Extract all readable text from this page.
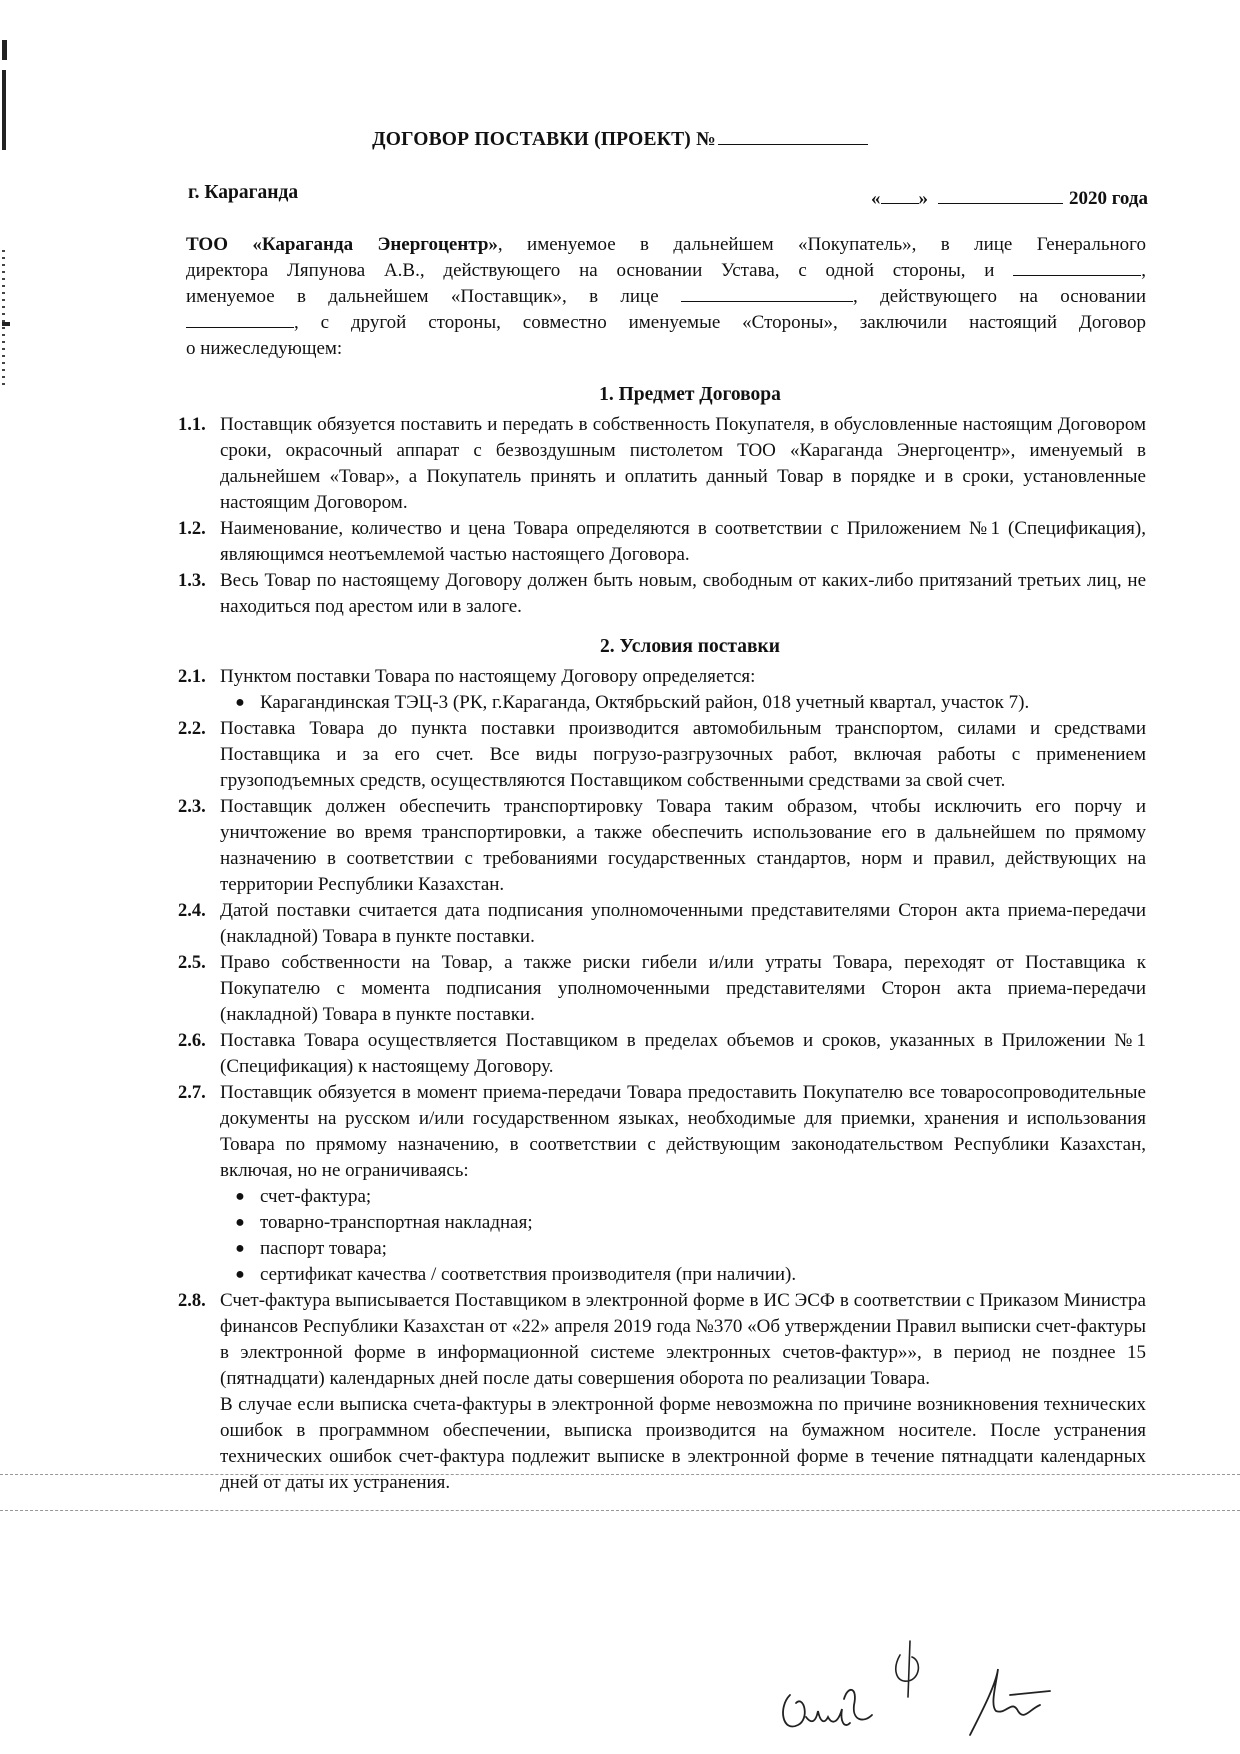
ДОГОВОР ПОСТАВКИ (ПРОЕКТ) №
г. Караганда	« »	2020 года
ТОО «Караганда Энергоцентр», именуемое в дальнейшем «Покупатель», в лице Генерального
директора Ляпунова А.В., действующего на основании Устава, с одной стороны, и	,
именуемое в дальнейшем «Поставщик», в лице	, действующего на основании
, с другой стороны, совместно именуемые «Стороны», заключили настоящий Договор
о нижеследующем:
1. Предмет Договора
1.1. Поставщик обязуется поставить и передать в собственность Покупателя, в обусловленные настоящим Договором сроки, окрасочный аппарат с безвоздушным пистолетом ТОО «Караганда Энергоцентр», именуемый в дальнейшем «Товар», а Покупатель принять и оплатить данный Товар в порядке и в сроки, установленные настоящим Договором.
1.2. Наименование, количество и цена Товара определяются в соответствии с Приложением №1 (Спецификация), являющимся неотъемлемой частью настоящего Договора.
1.3. Весь Товар по настоящему Договору должен быть новым, свободным от каких-либо притязаний третьих лиц, не находиться под арестом или в залоге.
2. Условия поставки
2.1. Пунктом поставки Товара по настоящему Договору определяется:
● Карагандинская ТЭЦ-3 (РК, г.Караганда, Октябрьский район, 018 учетный квартал, участок 7).
2.2. Поставка Товара до пункта поставки производится автомобильным транспортом, силами и средствами Поставщика и за его счет. Все виды погрузо-разгрузочных работ, включая работы с применением грузоподъемных средств, осуществляются Поставщиком собственными средствами за свой счет.
2.3. Поставщик должен обеспечить транспортировку Товара таким образом, чтобы исключить его порчу и уничтожение во время транспортировки, а также обеспечить использование его в дальнейшем по прямому назначению в соответствии с требованиями государственных стандартов, норм и правил, действующих на территории Республики Казахстан.
2.4. Датой поставки считается дата подписания уполномоченными представителями Сторон акта приема-передачи (накладной) Товара в пункте поставки.
2.5. Право собственности на Товар, а также риски гибели и/или утраты Товара, переходят от Поставщика к Покупателю с момента подписания уполномоченными представителями Сторон акта приема-передачи (накладной) Товара в пункте поставки.
2.6. Поставка Товара осуществляется Поставщиком в пределах объемов и сроков, указанных в Приложении №1 (Спецификация) к настоящему Договору.
2.7. Поставщик обязуется в момент приема-передачи Товара предоставить Покупателю все товаросопроводительные документы на русском и/или государственном языках, необходимые для приемки, хранения и использования Товара по прямому назначению, в соответствии с действующим законодательством Республики Казахстан, включая, но не ограничиваясь:
● счет-фактура;
● товарно-транспортная накладная;
● паспорт товара;
● сертификат качества / соответствия производителя (при наличии).
2.8. Счет-фактура выписывается Поставщиком в электронной форме в ИС ЭСФ в соответствии с Приказом Министра финансов Республики Казахстан от «22» апреля 2019 года №370 «Об утверждении Правил выписки счет-фактуры в электронной форме в информационной системе электронных счетов-фактур»», в период не позднее 15 (пятнадцати) календарных дней после даты совершения оборота по реализации Товара.
В случае если выписка счета-фактуры в электронной форме невозможна по причине возникновения технических ошибок в программном обеспечении, выписка производится на бумажном носителе. После устранения технических ошибок счет-фактура подлежит выписке в электронной форме в течение пятнадцати календарных дней от даты их устранения.
